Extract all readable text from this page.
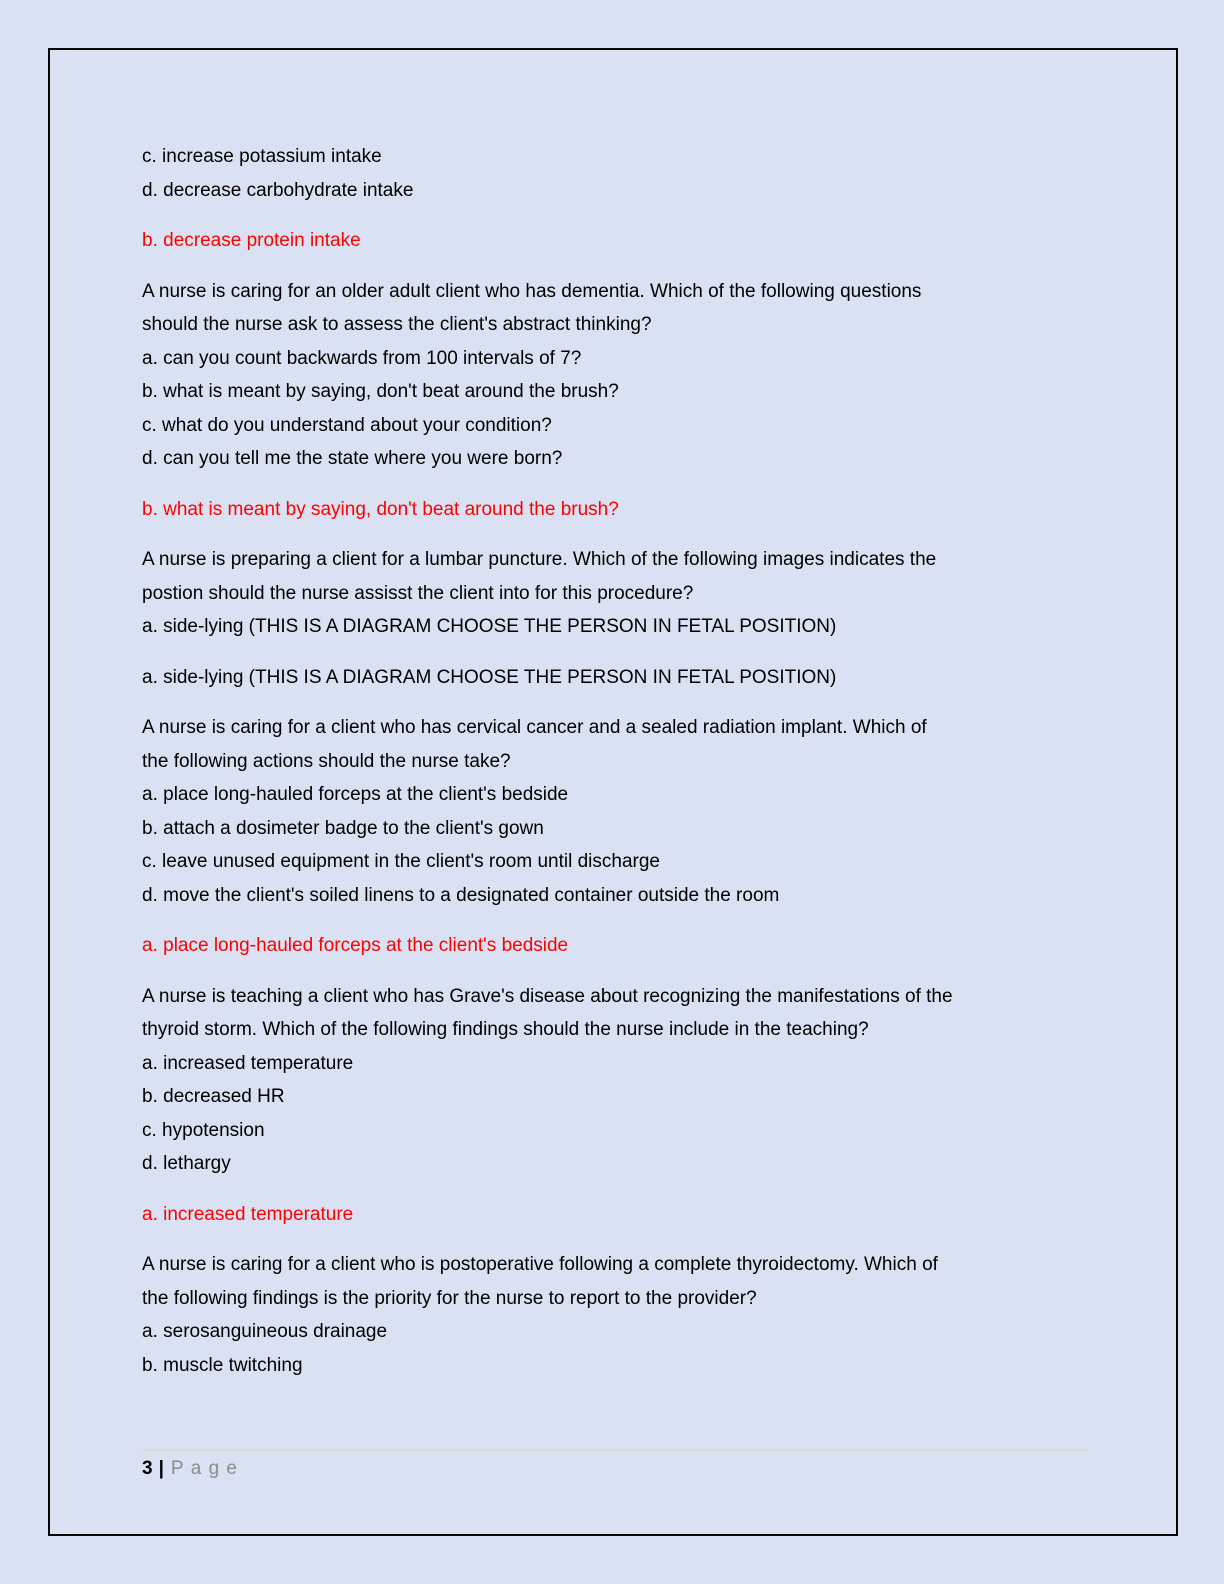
c. increase potassium intake
d. decrease carbohydrate intake
b. decrease protein intake
A nurse is caring for an older adult client who has dementia. Which of the following questions
should the nurse ask to assess the client's abstract thinking?
a. can you count backwards from 100 intervals of 7?
b. what is meant by saying, don't beat around the brush?
c. what do you understand about your condition?
d. can you tell me the state where you were born?
b. what is meant by saying, don't beat around the brush?
A nurse is preparing a client for a lumbar puncture. Which of the following images indicates the
postion should the nurse assisst the client into for this procedure?
a. side-lying (THIS IS A DIAGRAM CHOOSE THE PERSON IN FETAL POSITION)
a. side-lying (THIS IS A DIAGRAM CHOOSE THE PERSON IN FETAL POSITION)
A nurse is caring for a client who has cervical cancer and a sealed radiation implant. Which of
the following actions should the nurse take?
a. place long-hauled forceps at the client's bedside
b. attach a dosimeter badge to the client's gown
c. leave unused equipment in the client's room until discharge
d. move the client's soiled linens to a designated container outside the room
a. place long-hauled forceps at the client's bedside
A nurse is teaching a client who has Grave's disease about recognizing the manifestations of the
thyroid storm. Which of the following findings should the nurse include in the teaching?
a. increased temperature
b. decreased HR
c. hypotension
d. lethargy
a. increased temperature
A nurse is caring for a client who is postoperative following a complete thyroidectomy. Which of
the following findings is the priority for the nurse to report to the provider?
a. serosanguineous drainage
b. muscle twitching
3 | Page
